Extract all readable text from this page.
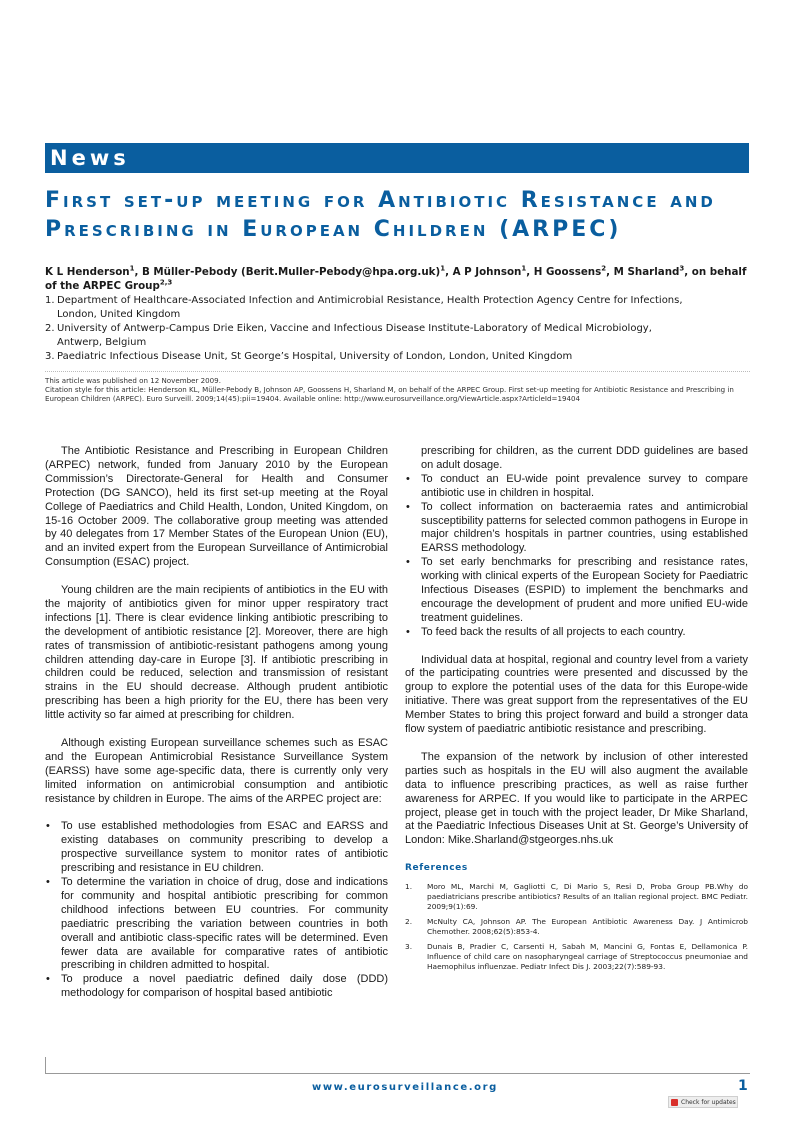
News
First set-up meeting for Antibiotic Resistance and
Prescribing in European Children (ARPEC)
K L Henderson$^1$, B Müller-Pebody (Berit.Muller-Pebody@hpa.org.uk)$^1$, A P Johnson$^1$, H Goossens$^2$, M Sharland$^3$, on behalf of the ARPEC Group$^{2,3}$
1. Department of Healthcare-Associated Infection and Antimicrobial Resistance, Health Protection Agency Centre for Infections,
London, United Kingdom
2. University of Antwerp-Campus Drie Eiken, Vaccine and Infectious Disease Institute-Laboratory of Medical Microbiology,
Antwerp, Belgium
3. Paediatric Infectious Disease Unit, St George’s Hospital, University of London, London, United Kingdom

This article was published on 12 November 2009.

Citation style for this article: Henderson KL, Müller-Pebody B, Johnson AP, Goossens H, Sharland M, on behalf of the ARPEC Group. First set-up meeting for Antibiotic Resistance and Prescribing in European Children (ARPEC). Euro Surveill. 2009;14(45):pii=19404. Available online: http://www.eurosurveillance.org/ViewArticle.aspx?ArticleId=19404

The Antibiotic Resistance and Prescribing in European Children (ARPEC) network, funded from January 2010 by the European Commission’s Directorate-General for Health and Consumer Protection (DG SANCO), held its first set-up meeting at the Royal College of Paediatrics and Child Health, London, United Kingdom, on 15-16 October 2009. The collaborative group meeting was attended by 40 delegates from 17 Member States of the European Union (EU), and an invited expert from the European Surveillance of Antimicrobial Consumption (ESAC) project.

Young children are the main recipients of antibiotics in the EU with the majority of antibiotics given for minor upper respiratory tract infections [1]. There is clear evidence linking antibiotic prescribing to the development of antibiotic resistance [2]. Moreover, there are high rates of transmission of antibiotic-resistant pathogens among young children attending day-care in Europe [3]. If antibiotic prescribing in children could be reduced, selection and transmission of resistant strains in the EU should decrease. Although prudent antibiotic prescribing has been a high priority for the EU, there has been very little activity so far aimed at prescribing for children.

Although existing European surveillance schemes such as ESAC and the European Antimicrobial Resistance Surveillance System (EARSS) have some age-specific data, there is currently only very limited information on antimicrobial consumption and antibiotic resistance by children in Europe. The aims of the ARPEC project are:

• To use established methodologies from ESAC and EARSS and existing databases on community prescribing to develop a prospective surveillance system to monitor rates of antibiotic prescribing and resistance in EU children.
• To determine the variation in choice of drug, dose and indications for community and hospital antibiotic prescribing for common childhood infections between EU countries. For community paediatric prescribing the variation between countries in both overall and antibiotic class-specific rates will be determined. Even fewer data are available for comparative rates of antibiotic prescribing in children admitted to hospital.
• To produce a novel paediatric defined daily dose (DDD) methodology for comparison of hospital based antibiotic
prescribing for children, as the current DDD guidelines are based on adult dosage.
• To conduct an EU-wide point prevalence survey to compare antibiotic use in children in hospital.
• To collect information on bacteraemia rates and antimicrobial susceptibility patterns for selected common pathogens in Europe in major children’s hospitals in partner countries, using established EARSS methodology.
• To set early benchmarks for prescribing and resistance rates, working with clinical experts of the European Society for Paediatric Infectious Diseases (ESPID) to implement the benchmarks and encourage the development of prudent and more unified EU-wide treatment guidelines.
• To feed back the results of all projects to each country.

Individual data at hospital, regional and country level from a variety of the participating countries were presented and discussed by the group to explore the potential uses of the data for this Europe-wide initiative. There was great support from the representatives of the EU Member States to bring this project forward and build a stronger data flow system of paediatric antibiotic resistance and prescribing.

The expansion of the network by inclusion of other interested parties such as hospitals in the EU will also augment the available data to influence prescribing practices, as well as raise further awareness for ARPEC. If you would like to participate in the ARPEC project, please get in touch with the project leader, Dr Mike Sharland, at the Paediatric Infectious Diseases Unit at St. George’s University of London: Mike.Sharland@stgeorges.nhs.uk

References
1. Moro ML, Marchi M, Gagliotti C, Di Mario S, Resi D, Proba Group PB.Why do paediatricians prescribe antibiotics? Results of an Italian regional project. BMC Pediatr. 2009;9(1):69.
2. McNulty CA, Johnson AP. The European Antibiotic Awareness Day. J Antimicrob Chemother. 2008;62(5):853-4.
3. Dunais B, Pradier C, Carsenti H, Sabah M, Mancini G, Fontas E, Dellamonica P. Influence of child care on nasopharyngeal carriage of Streptococcus pneumoniae and Haemophilus influenzae. Pediatr Infect Dis J. 2003;22(7):589-93.
www.eurosurveillance.org	1
Check for updates
